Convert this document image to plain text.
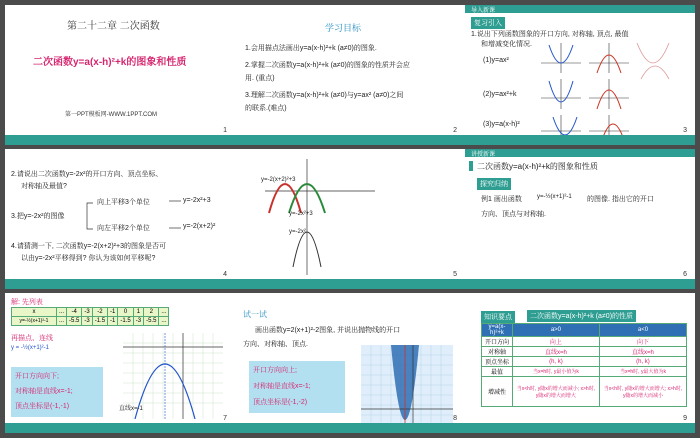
第二十二章 二次函数
二次函数y=a(x-h)²+k的图象和性质
第一PPT模板网-WWW.1PPT.COM
1
学习目标
1.会用描点法画出y=a(x-h)²+k (a≠0)的图象.
2.掌握二次函数y=a(x-h)²+k (a≠0)的图象的性质并会应
用. (重点)
3.理解二次函数y=a(x-h)²+k (a≠0)与y=ax² (a≠0)之间
的联系.(难点)
2
导入新课
复习引入
1.说出下列函数图象的开口方向, 对称轴, 顶点, 最值
和增减变化情况.
(1)y=ax²
(2)y=ax²+k
(3)y=a(x-h)²
3
2.请说出二次函数y=-2x²的开口方向、顶点坐标、
对称轴及最值?
3.把y=-2x²的图像
向上平移3个单位	y=-2x²+3
向左平移2个单位	y=-2(x+2)²
4.请猜测一下, 二次函数y=-2(x+2)²+3的图象是否可
以由y=-2x²平移得到? 你认为该如何平移呢?
4
y=-2(x+2)²+3
y=-2x²+3
y=-2x²
5
讲授新课
二次函数y=a(x-h)²+k的图象和性质
探究归纳
例1 画出函数	y=-½(x+1)²-1 的图像. 指出它的开口
方向、顶点与对称轴.
6
解: 先列表
x	...	-4	-3	-2	-1	0	1	2	...
y=-½(x+1)²-1	...	-5.5	-3	-1.5	-1	-1.5	-3	-5.5	...
再描点、连线
y = -½(x+1)²-1
直线x=-1
开口方向向下;
对称轴是直线x=-1;
顶点坐标是(-1,-1)
7
试一试
画出函数y=2(x+1)²-2图象, 并说出抛物线的开口
方向、对称轴、顶点.
开口方向向上;
对称轴是直线x=-1;
顶点坐标是(-1,-2)
8
知识要点	二次函数y=a(x-h)²+k (a≠0)的性质
y=a(x-h)²+k	a>0	a<0
开口方向	向上	向下
对称轴	直线x=h	直线x=h
顶点坐标	(h, k)	(h, k)
最值	当x=h时, y最小值为k	当x=h时, y最大值为k
增减性	当x<h时, y随x的增大而减小; x>h时, y随x的增大而增大	当x<h时, y随x的增大而增大; x>h时, y随x的增大而减小
9
